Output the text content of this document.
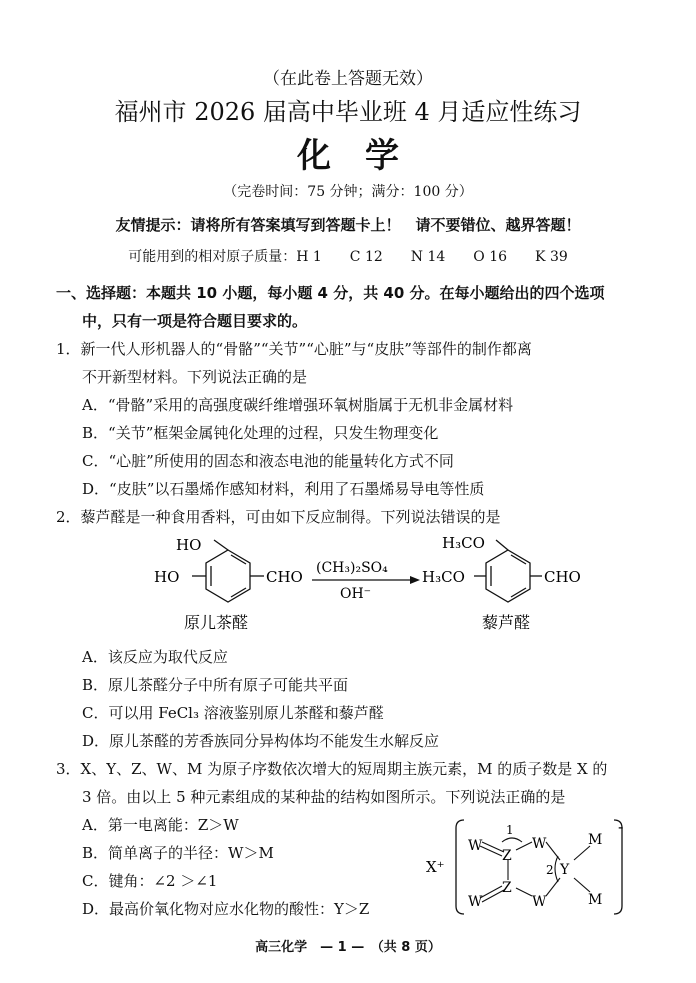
（在此卷上答题无效）
福州市 2026 届高中毕业班 4 月适应性练习
化　学
（完卷时间：75 分钟；满分：100 分）
友情提示：请将所有答案填写到答题卡上！　请不要错位、越界答题！
可能用到的相对原子质量：H 1　　C 12　　N 14　　O 16　　K 39
一、选择题：本题共 10 小题，每小题 4 分，共 40 分。在每小题给出的四个选项
中，只有一项是符合题目要求的。
1．新一代人形机器人的“骨骼”“关节”“心脏”与“皮肤”等部件的制作都离
不开新型材料。下列说法正确的是
A．“骨骼”采用的高强度碳纤维增强环氧树脂属于无机非金属材料
B．“关节”框架金属钝化处理的过程，只发生物理变化
C．“心脏”所使用的固态和液态电池的能量转化方式不同
D．“皮肤”以石墨烯作感知材料，利用了石墨烯易导电等性质
2．藜芦醛是一种食用香料，可由如下反应制得。下列说法错误的是
HO
HO	CHO (CH₃)₂SO₄
OH⁻
H₃CO
H₃CO	CHO
原儿茶醛	藜芦醛
A．该反应为取代反应
B．原儿茶醛分子中所有原子可能共平面
C．可以用 FeCl₃ 溶液鉴别原儿茶醛和藜芦醛
D．原儿茶醛的芳香族同分异构体均不能发生水解反应
3．X、Y、Z、W、M 为原子序数依次增大的短周期主族元素，M 的质子数是 X 的
3 倍。由以上 5 种元素组成的某种盐的结构如图所示。下列说法正确的是
A．第一电离能：Z＞W
B．简单离子的半径：W＞M
C．键角：∠2 ＞∠1
D．最高价氧化物对应水化物的酸性：Y＞Z
X⁺
-
W	W
Z
Z
W	W
Y
M
M
1
2
高三化学　— 1 —　（共 8 页）
